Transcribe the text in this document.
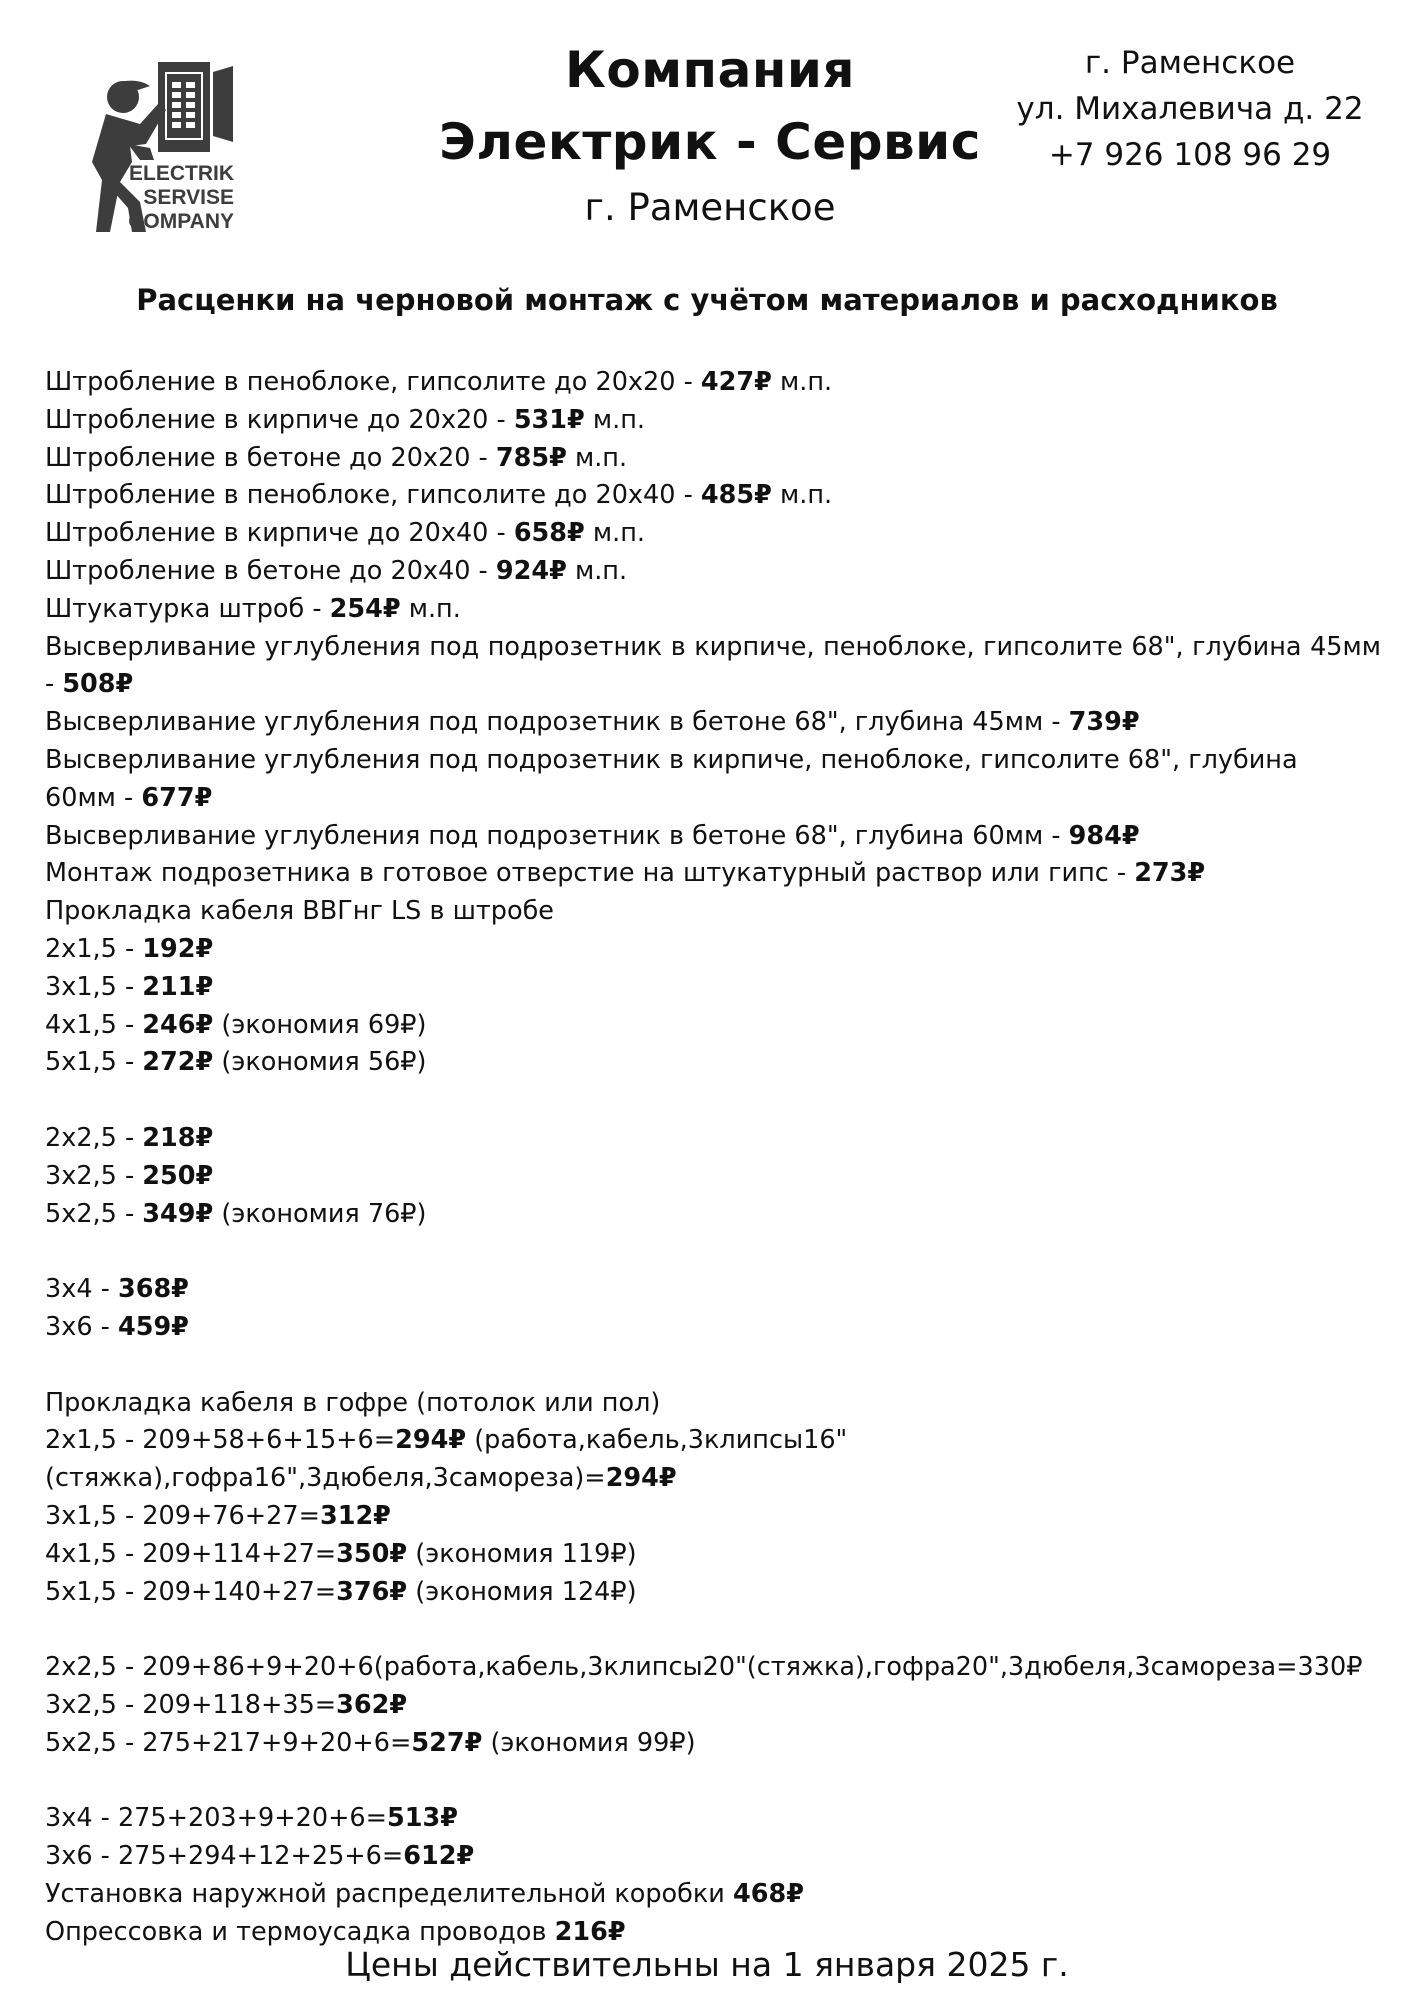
ELECTRIK
SERVISE
COMPANY
Компания
Электрик - Сервис
г. Раменское
г. Раменское
ул. Михалевича д. 22
+7 926 108 96 29
Расценки на черновой монтаж с учётом материалов и расходников
Штробление в пеноблоке, гипсолите до 20х20 - 427₽ м.п.
Штробление в кирпиче до 20х20 - 531₽ м.п.
Штробление в бетоне до 20х20 - 785₽ м.п.
Штробление в пеноблоке, гипсолите до 20х40 - 485₽ м.п.
Штробление в кирпиче до 20х40 - 658₽ м.п.
Штробление в бетоне до 20х40 - 924₽ м.п.
Штукатурка штроб - 254₽ м.п.
Высверливание углубления под подрозетник в кирпиче, пеноблоке, гипсолите 68", глубина 45мм - 508₽
Высверливание углубления под подрозетник в бетоне 68", глубина 45мм - 739₽
Высверливание углубления под подрозетник в кирпиче, пеноблоке, гипсолите 68", глубина 60мм - 677₽
Высверливание углубления под подрозетник в бетоне 68", глубина 60мм - 984₽
Монтаж подрозетника в готовое отверстие на штукатурный раствор или гипс - 273₽
Прокладка кабеля ВВГнг LS в штробе
2х1,5 - 192₽
3х1,5 - 211₽
4х1,5 - 246₽ (экономия 69₽)
5х1,5 - 272₽ (экономия 56₽)
2х2,5 - 218₽
3х2,5 - 250₽
5х2,5 - 349₽ (экономия 76₽)
3х4 - 368₽
3х6 - 459₽
Прокладка кабеля в гофре (потолок или пол)
2х1,5 - 209+58+6+15+6=294₽ (работа,кабель,3клипсы16"
(стяжка),гофра16",3дюбеля,3самореза)=294₽
3х1,5 - 209+76+27=312₽
4х1,5 - 209+114+27=350₽ (экономия 119₽)
5х1,5 - 209+140+27=376₽ (экономия 124₽)
2х2,5 - 209+86+9+20+6(работа,кабель,3клипсы20"(стяжка),гофра20",3дюбеля,3самореза=330₽
3х2,5 - 209+118+35=362₽
5х2,5 - 275+217+9+20+6=527₽ (экономия 99₽)
3х4 - 275+203+9+20+6=513₽
3х6 - 275+294+12+25+6=612₽
Установка наружной распределительной коробки 468₽
Опрессовка и термоусадка проводов 216₽
Цены действительны на 1 января 2025 г.
